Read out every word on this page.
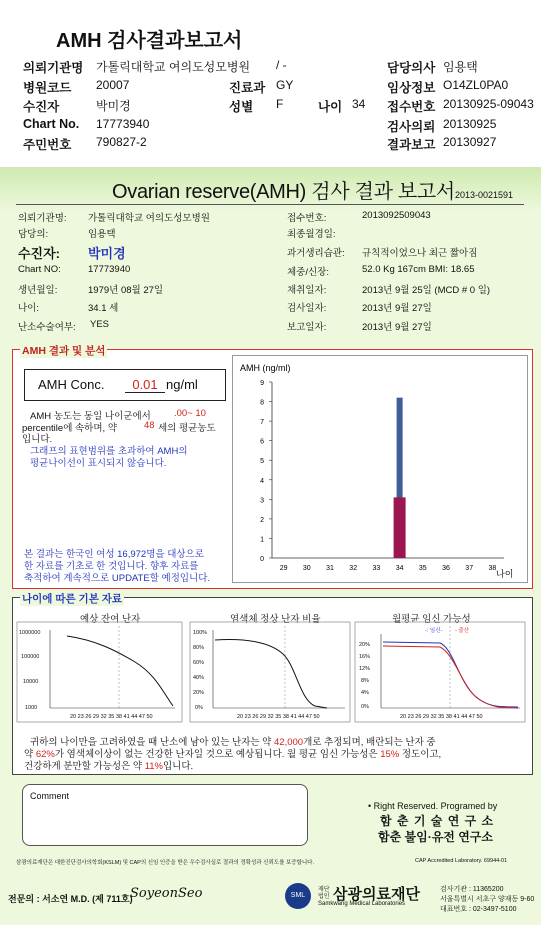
AMH 검사결과보고서
의뢰기관명 가톨릭대학교 여의도성모병원 / -	담당의사 임용택
병원코드 20007	진료과 GY	임상정보 O14ZL0PA0
수진자	박미경	성별 F	나이 34 접수번호 20130925-09043
Chart No. 17773940	검사의뢰 20130925
주민번호 790827-2	결과보고 20130927
Ovarian reserve(AMH) 검사 결과 보고서 2013-0021591
의뢰기관명: 가톨릭대학교 여의도성모병원
담당의:	임용택
수진자: 박미경
Chart NO:	17773940
생년월일:	1979년 08월 27일
나이:	34.1 세
난소수술여부: YES
접수번호:	2013092509043
최종월경일:
과거생리습관: 규칙적이었으나 최근 짧아짐
체중/신장:	52.0 Kg 167cm BMI: 18.65
채취일자:	2013년 9월 25일 (MCD # 0 일)
검사일자:	2013년 9월 27일
보고일자:	2013년 9월 27일
AMH 결과 및 분석
AMH Conc.	0.01 ng/ml
AMH 농도는 동일 나이군에서 .00~ 10
percentile에 속하며, 약	48 세의 평균농도
입니다.
그래프의 표현범위를 초과하여 AMH의
평균나이선이 표시되지 않습니다.
본 결과는 한국인 여성 16,972명을 대상으로
한 자료를 기초로 한 것입니다. 향후 자료를
축적하여 계속적으로 UPDATE할 예정입니다.
AMH (ng/ml)
나이
0
1
2
3
4
5
6
7
8
9
29 30 31 32 33 34 35 36 37 38
나이에 따른 기본 자료
예상 잔여 난자	염색체 정상 난자 비율	월평균 임신 가능성
1000000
100000
10000
1000
20 23 26 29 32 35 38 41 44 47 50
100%
80%
60%
40%
20%
0%
20 23 26 29 32 35 38 41 44 47 50
20%
16%
12%
8%
4%
0%
20 23 26 29 32 35 38 41 44 47 50
-: 임신- - 출산
귀하의 나이만을 고려하였을 때 난소에 남아 있는 난자는 약 42,000개로 추정되며, 배란되는 난자 중
약 62%가 염색체이상이 없는 건강한 난자일 것으로 예상됩니다. 월 평균 임신 가능성은 15% 정도이고,
건강하게 분만할 가능성은 약 11%입니다.
Comment
• Right Reserved. Programed by
함 춘 기 술 연 구 소
함춘 불임·유전 연구소
삼광의료재단은 대한진단검사의학회(KSLM) 및 CAP의 신임 인증을 받은 우수검사실로 결과의 정확성과 신뢰도를 보증합니다.	CAP Accredited Laboratory. 69944-01
전문의 : 서소연 M.D. (제 711호)
SoyeonSeo	SML
재단 법인 삼광의료재단
Samkwang Medical Laboratories
검사기관 : 11365200
서울특별시 서초구 양재동 9-60
대표번호 : 02-3497-5100
